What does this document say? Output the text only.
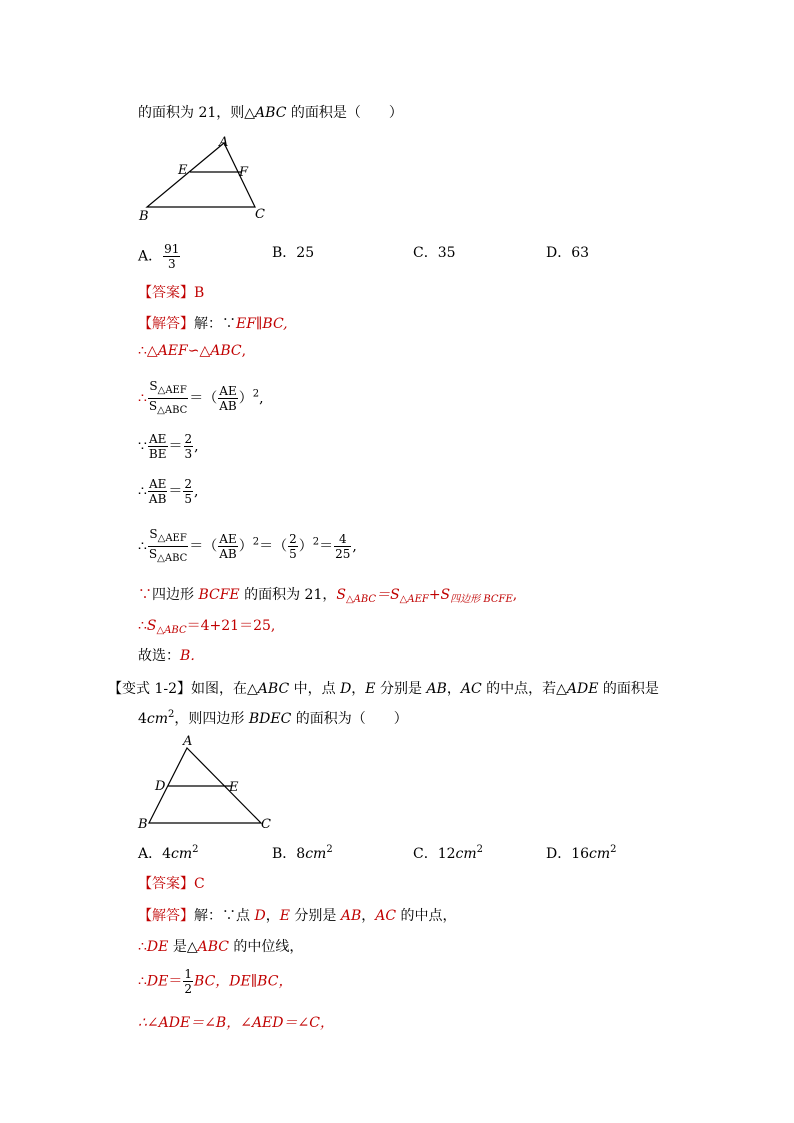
的面积为 21，则△ABC 的面积是（　　）
A
E	F
B	C
A． $\frac{91}{3}$	B．25	C．35	D．63
【答案】B
【解答】解：∵EF∥BC,
∴△AEF∽△ABC,
∴ $\frac{S_{\triangle AEF}}{S_{\triangle ABC}}$ ＝（ $\frac{AE}{AB} )^2$,
∵ $\frac{AE}{BE} = \frac{2}{3}$ ,
∴ $\frac{AE}{AB} = \frac{2}{5}$ ,
∴ $\frac{S_{\triangle AEF}}{S_{\triangle ABC}}$ ＝（ $\frac{AE}{AB} )^2=( \frac{2}{5} )^2= \frac{4}{25}$ ,
∵四边形 BCFE 的面积为 21，$S_{\triangle ABC}=S_{\triangle AEF}+S_{四边形 BCFE}$,
$\therefore S_{\triangle ABC}=4+21=25$,
故选：B．
【变式 1-2】如图，在△ABC 中，点 D，E 分别是 AB，AC 的中点，若△ADE 的面积是
$4cm^2$，则四边形 BDEC 的面积为（　　）
A
D	E
B	C
A．$4cm^2$	B．$8cm^2$	C．$12cm^2$	D．$16cm^2$
【答案】C
【解答】解：∵点 D，E 分别是 AB，AC 的中点，
∴DE 是△ABC 的中位线，
∴DE＝ $\frac{1}{2}$ BC，DE∥BC，
∴∠ADE＝∠B，∠AED＝∠C，
